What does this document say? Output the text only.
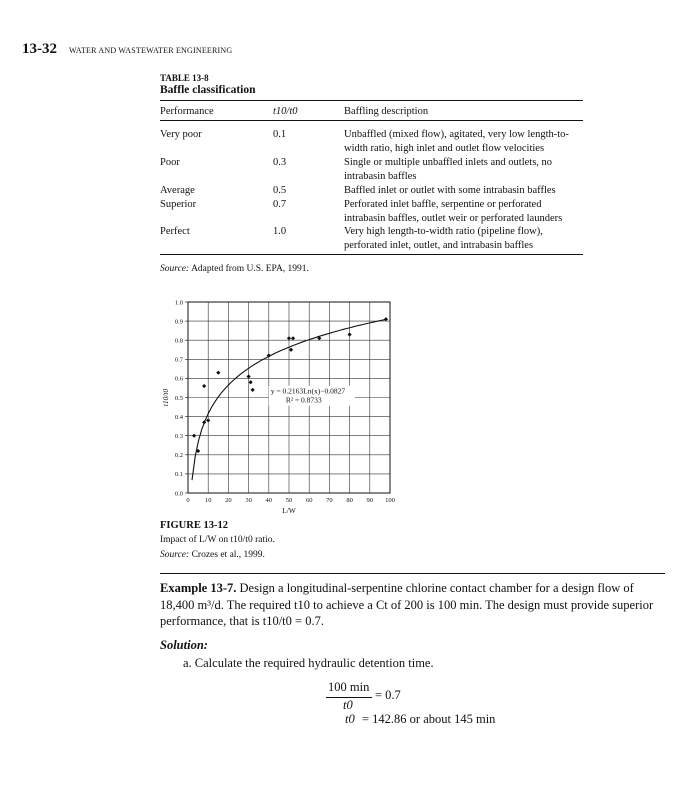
13-32 WATER AND WASTEWATER ENGINEERING
TABLE 13-8
Baffle classification
Performance	t10/t0	Baffling description
Very poor	0.1	Unbaffled (mixed flow), agitated, very low length-to-width ratio, high inlet and outlet flow velocities
Poor	0.3	Single or multiple unbaffled inlets and outlets, no intrabasin baffles
Average	0.5	Baffled inlet or outlet with some intrabasin baffles
Superior	0.7	Perforated inlet baffle, serpentine or perforated intrabasin baffles, outlet weir or perforated launders
Perfect	1.0	Very high length-to-width ratio (pipeline flow), perforated inlet, outlet, and intrabasin baffles
Source: Adapted from U.S. EPA, 1991.
0 10 20 30 40 50 60 70 80 90 100
0.0
0.1
0.2
0.3
0.4
0.5
0.6
0.7
0.8
0.9
1.0
y = 0.2163Ln(x)−0.0827
R² = 0.8733
L/W
t10/t0
FIGURE 13-12
Impact of L/W on t10/t0 ratio.
Source: Crozes et al., 1999.
Example 13-7. Design a longitudinal-serpentine chlorine contact chamber for a design flow of 18,400 m³/d. The required t10 to achieve a Ct of 200 is 100 min. The design must provide superior performance, that is t10/t0 = 0.7.
Solution:
a. Calculate the required hydraulic detention time.
100 min
t0
= 0.7
t0 = 142.86 or about 145 min
